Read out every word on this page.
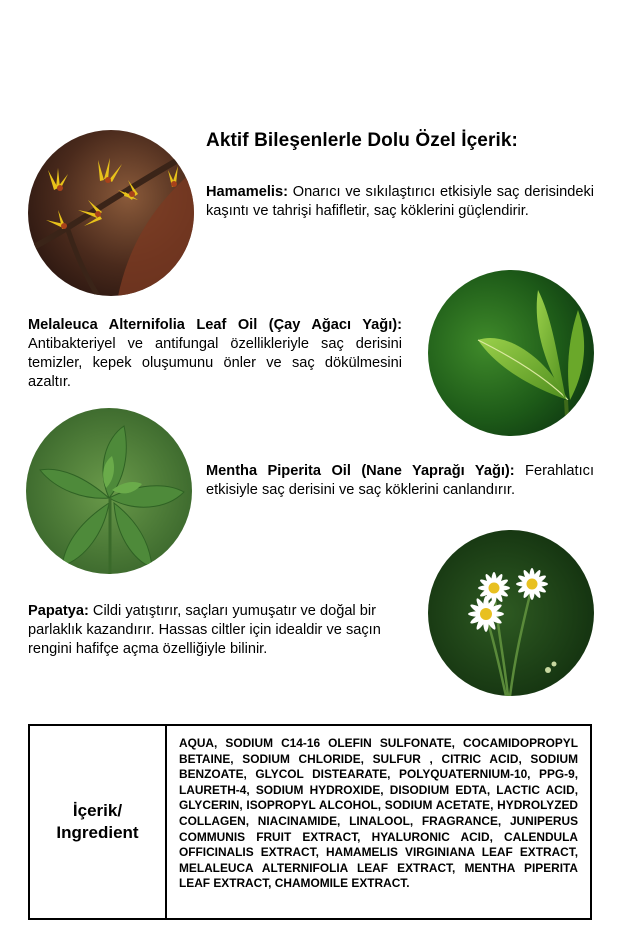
Aktif Bileşenlerle Dolu Özel İçerik:
Hamamelis: Onarıcı ve sıkılaştırıcı etkisiyle saç derisindeki kaşıntı ve tahrişi hafifletir, saç köklerini güçlendirir.
Melaleuca Alternifolia Leaf Oil (Çay Ağacı Yağı): Antibakteriyel ve antifungal özellikleriyle saç derisini temizler, kepek oluşumunu önler ve saç dökülmesini azaltır.
Mentha Piperita Oil (Nane Yaprağı Yağı): Ferahlatıcı etkisiyle saç derisini ve saç köklerini canlandırır.
Papatya: Cildi yatıştırır, saçları yumuşatır ve doğal bir parlaklık kazandırır. Hassas ciltler için idealdir ve saçın rengini hafifçe açma özelliğiyle bilinir.
İçerik/
Ingredient
AQUA, SODIUM C14-16 OLEFIN SULFONATE, COCAMIDOPROPYL BETAINE, SODIUM CHLORIDE, SULFUR , CITRIC ACID, SODIUM BENZOATE, GLYCOL DISTEARATE, POLYQUATERNIUM-10, PPG-9, LAURETH-4, SODIUM HYDROXIDE, DISODIUM EDTA, LACTIC ACID, GLYCERIN, ISOPROPYL ALCOHOL, SODIUM ACETATE, HYDROLYZED COLLAGEN, NIACINAMIDE, LINALOOL, FRAGRANCE, JUNIPERUS COMMUNIS FRUIT EXTRACT, HYALURONIC ACID, CALENDULA OFFICINALIS EXTRACT, HAMAMELIS VIRGINIANA LEAF EXTRACT, MELALEUCA ALTERNIFOLIA LEAF EXTRACT, MENTHA PIPERITA LEAF EXTRACT, CHAMOMILE EXTRACT.
